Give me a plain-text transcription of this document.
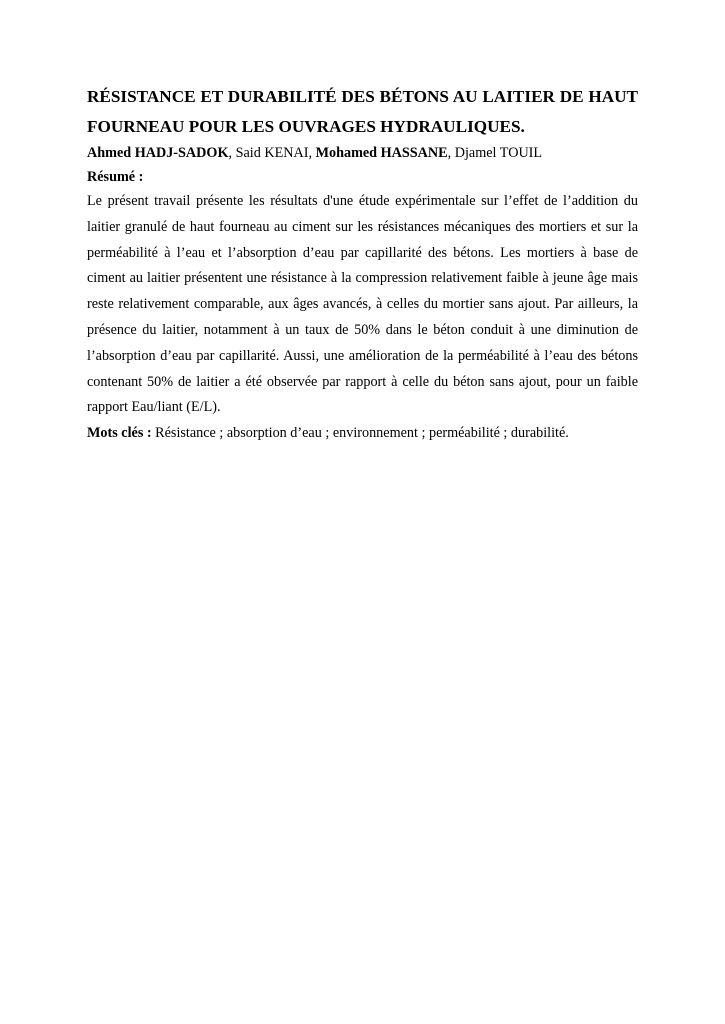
RÉSISTANCE ET DURABILITÉ DES BÉTONS AU LAITIER DE HAUT FOURNEAU POUR LES OUVRAGES HYDRAULIQUES.
Ahmed HADJ-SADOK, Said KENAI, Mohamed HASSANE, Djamel TOUIL
Résumé :

Le présent travail présente les résultats d'une étude expérimentale sur l’effet de l’addition du laitier granulé de haut fourneau au ciment sur les résistances mécaniques des mortiers et sur la perméabilité à l’eau et l’absorption d’eau par capillarité des bétons. Les mortiers à base de ciment au laitier présentent une résistance à la compression relativement faible à jeune âge mais reste relativement comparable, aux âges avancés, à celles du mortier sans ajout. Par ailleurs, la présence du laitier, notamment à un taux de 50% dans le béton conduit à une diminution de l’absorption d’eau par capillarité. Aussi, une amélioration de la perméabilité à l’eau des bétons contenant 50% de laitier a été observée par rapport à celle du béton sans ajout, pour un faible rapport Eau/liant (E/L).

Mots clés : Résistance ; absorption d’eau ; environnement ; perméabilité ; durabilité.
